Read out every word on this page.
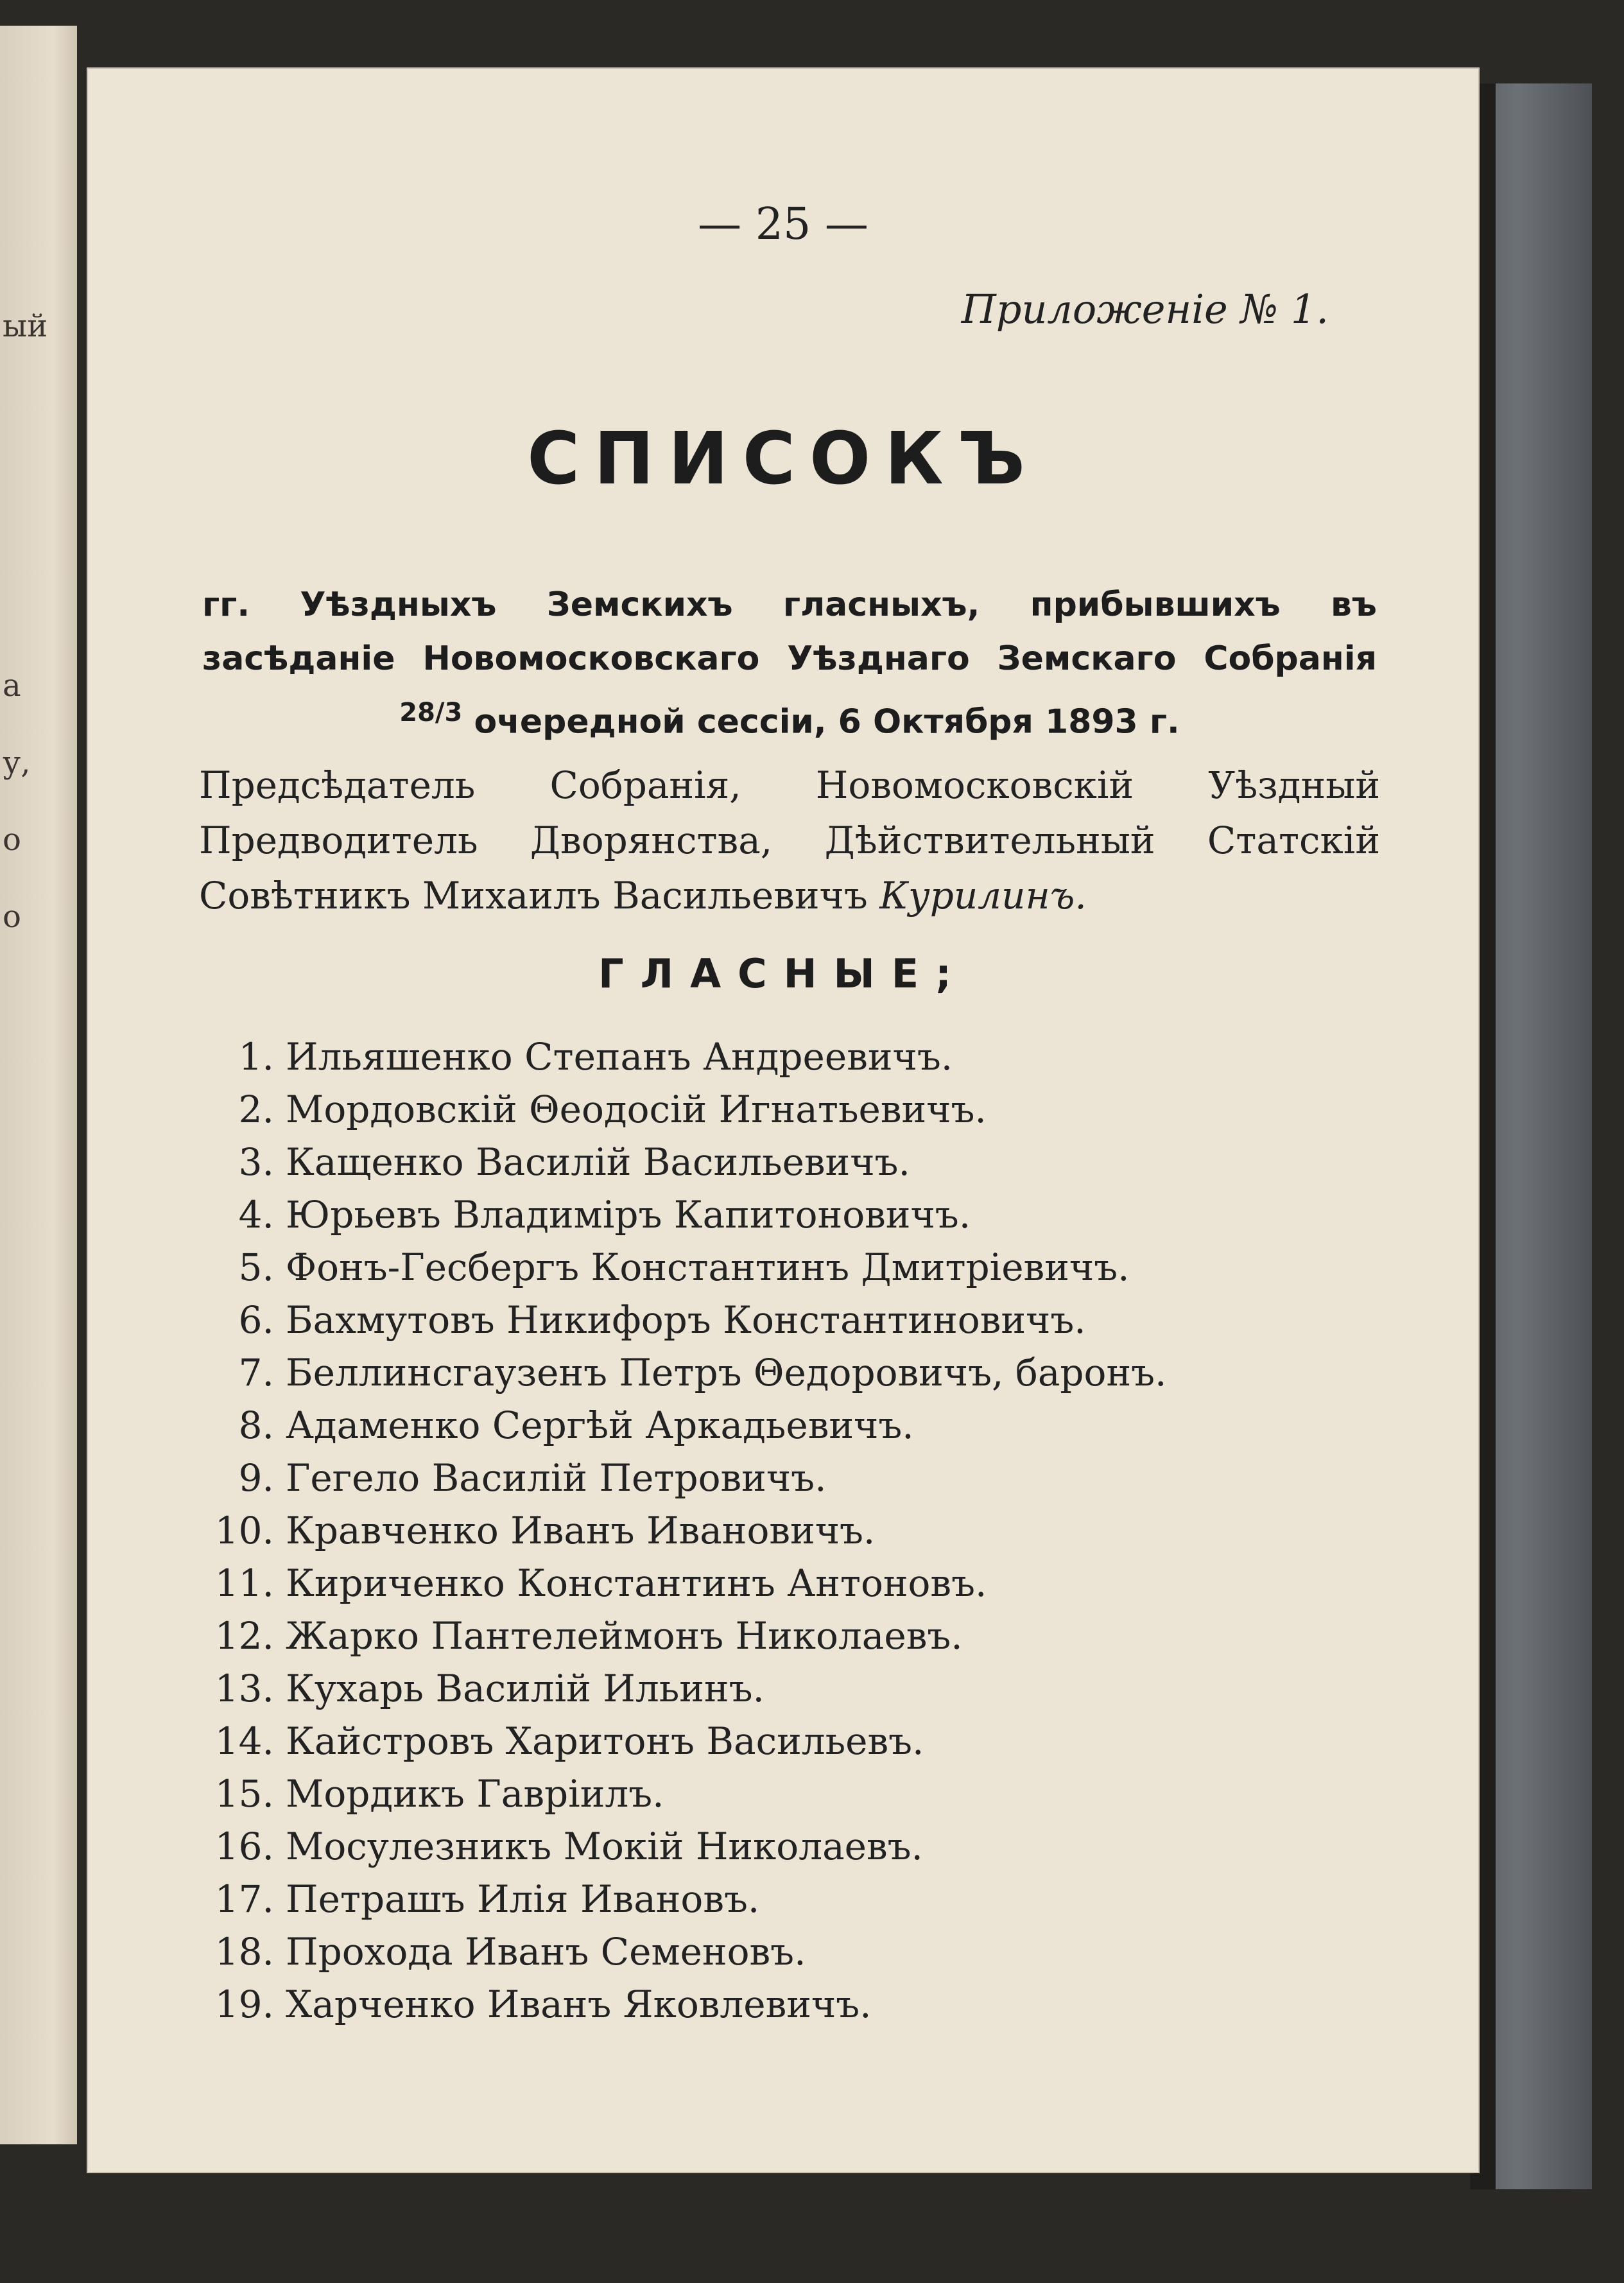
ый
а
у,
о
о
— 25 —
Приложеніе № 1.
СПИСОКЪ
гг. Уѣздныхъ Земскихъ гласныхъ, прибывшихъ въ засѣданіе Новомосковскаго Уѣзднаго Земскаго Собранія $^{28/3}$ очередной сессіи, 6 Октября 1893 г.
Предсѣдатель Собранія, Новомосковскій Уѣздный Предводитель Дворянства, Дѣйствительный Статскій Совѣтникъ Михаилъ Васильевичъ Курилинъ.
ГЛАСНЫЕ;
1. Ильяшенко Степанъ Андреевичъ.
2. Мордовскій Θеодосій Игнатьевичъ.
3. Кащенко Василій Васильевичъ.
4. Юрьевъ Владиміръ Капитоновичъ.
5. Фонъ-Гесбергъ Константинъ Дмитріевичъ.
6. Бахмутовъ Никифоръ Константиновичъ.
7. Беллинсгаузенъ Петръ Θедоровичъ, баронъ.
8. Адаменко Сергѣй Аркадьевичъ.
9. Гегело Василій Петровичъ.
10. Кравченко Иванъ Ивановичъ.
11. Кириченко Константинъ Антоновъ.
12. Жарко Пантелеймонъ Николаевъ.
13. Кухарь Василій Ильинъ.
14. Кайстровъ Харитонъ Васильевъ.
15. Мордикъ Гавріилъ.
16. Мосулезникъ Мокій Николаевъ.
17. Петрашъ Илія Ивановъ.
18. Прохода Иванъ Семеновъ.
19. Харченко Иванъ Яковлевичъ.
